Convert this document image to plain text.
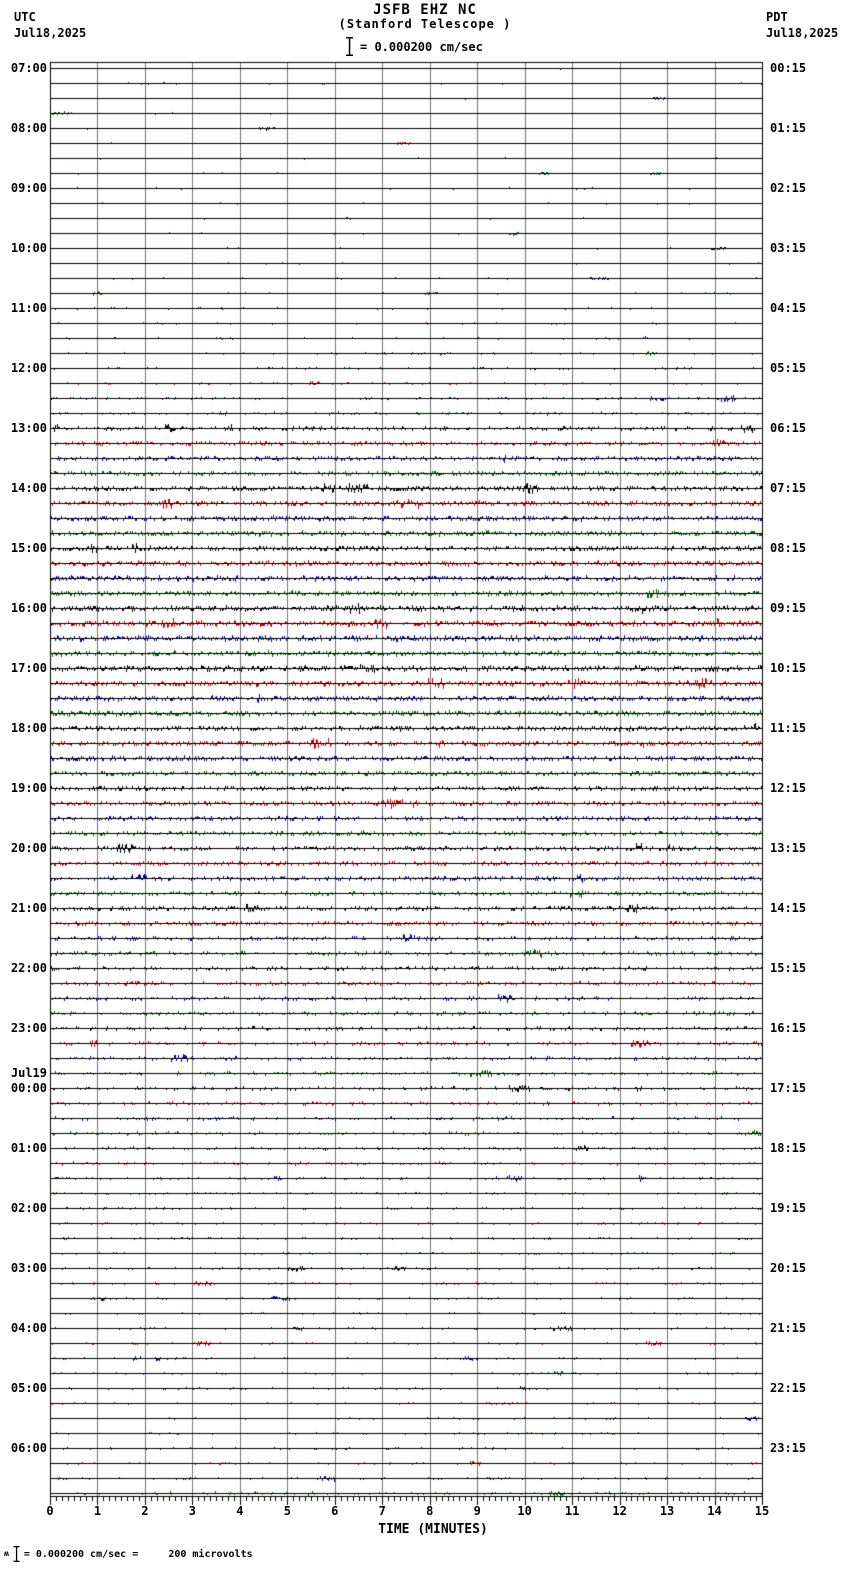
JSFB EHZ NC
(Stanford Telescope )
UTC
Jul18,2025
PDT
Jul18,2025
= 0.000200 cm/sec
07:00
08:00
09:00
10:00
11:00
12:00
13:00
14:00
15:00
16:00
17:00
18:00
19:00
20:00
21:00
22:00
23:00
00:00
01:00
02:00
03:00
04:00
05:00
06:00
00:15
01:15
02:15
03:15
04:15
05:15
06:15
07:15
08:15
09:15
10:15
11:15
12:15
13:15
14:15
15:15
16:15
17:15
18:15
19:15
20:15
21:15
22:15
23:15
Jul19
0	1	2	3	4	5	6	7	8	9	10	11	12	13	14	15
TIME (MINUTES)
ʍ = 0.000200 cm/sec =     200 microvolts
